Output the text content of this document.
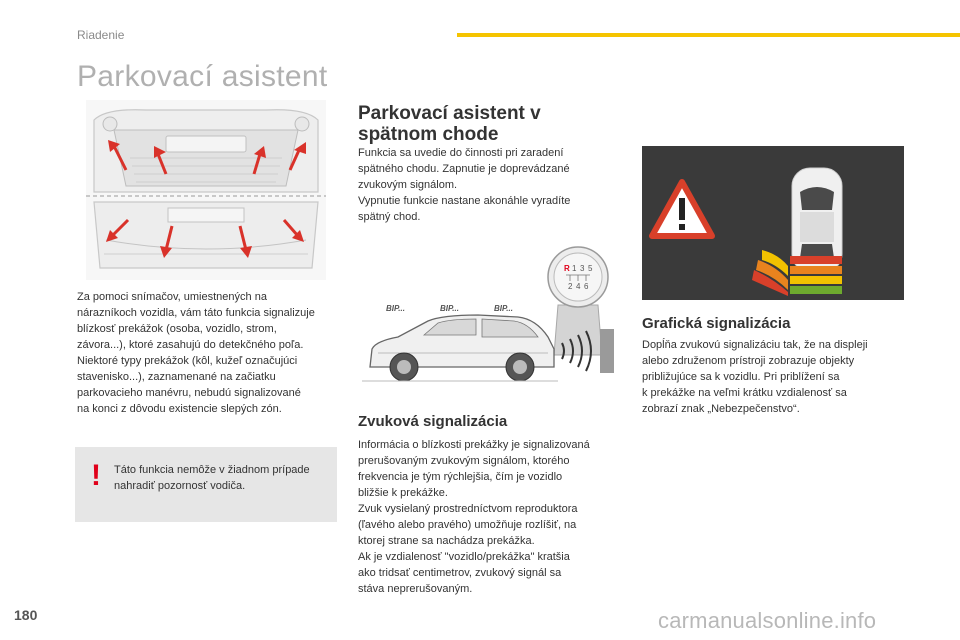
Riadenie
Parkovací asistent
Za pomoci snímačov, umiestnených na
nárazníkoch vozidla, vám táto funkcia signalizuje
blízkosť prekážok (osoba, vozidlo, strom,
závora...), ktoré zasahujú do detekčného poľa.
Niektoré typy prekážok (kôl, kužeľ označujúci
stavenisko...), zaznamenané na začiatku
parkovacieho manévru, nebudú signalizované
na konci z dôvodu existencie slepých zón.
! Táto funkcia nemôže v žiadnom prípade
nahradiť pozornosť vodiča.
Parkovací asistent v
spätnom chode
Funkcia sa uvedie do činnosti pri zaradení
spätného chodu. Zapnutie je doprevádzané
zvukovým signálom.
Vypnutie funkcie nastane akonáhle vyradíte
spätný chod.
R 1 3 5
2 4 6
BIP...	BIP...	BIP...
Zvuková signalizácia
Informácia o blízkosti prekážky je signalizovaná
prerušovaným zvukovým signálom, ktorého
frekvencia je tým rýchlejšia, čím je vozidlo
bližšie k prekážke.
Zvuk vysielaný prostredníctvom reproduktora
(ľavého alebo pravého) umožňuje rozlíšiť, na
ktorej strane sa nachádza prekážka.
Ak je vzdialenosť "vozidlo/prekážka" kratšia
ako tridsať centimetrov, zvukový signál sa
stáva neprerušovaným.
Grafická signalizácia
Dopĺňa zvukovú signalizáciu tak, že na displeji
alebo združenom prístroji zobrazuje objekty
približujúce sa k vozidlu. Pri priblížení sa
k prekážke na veľmi krátku vzdialenosť sa
zobrazí znak „Nebezpečenstvo“.
180	carmanualsonline.info
